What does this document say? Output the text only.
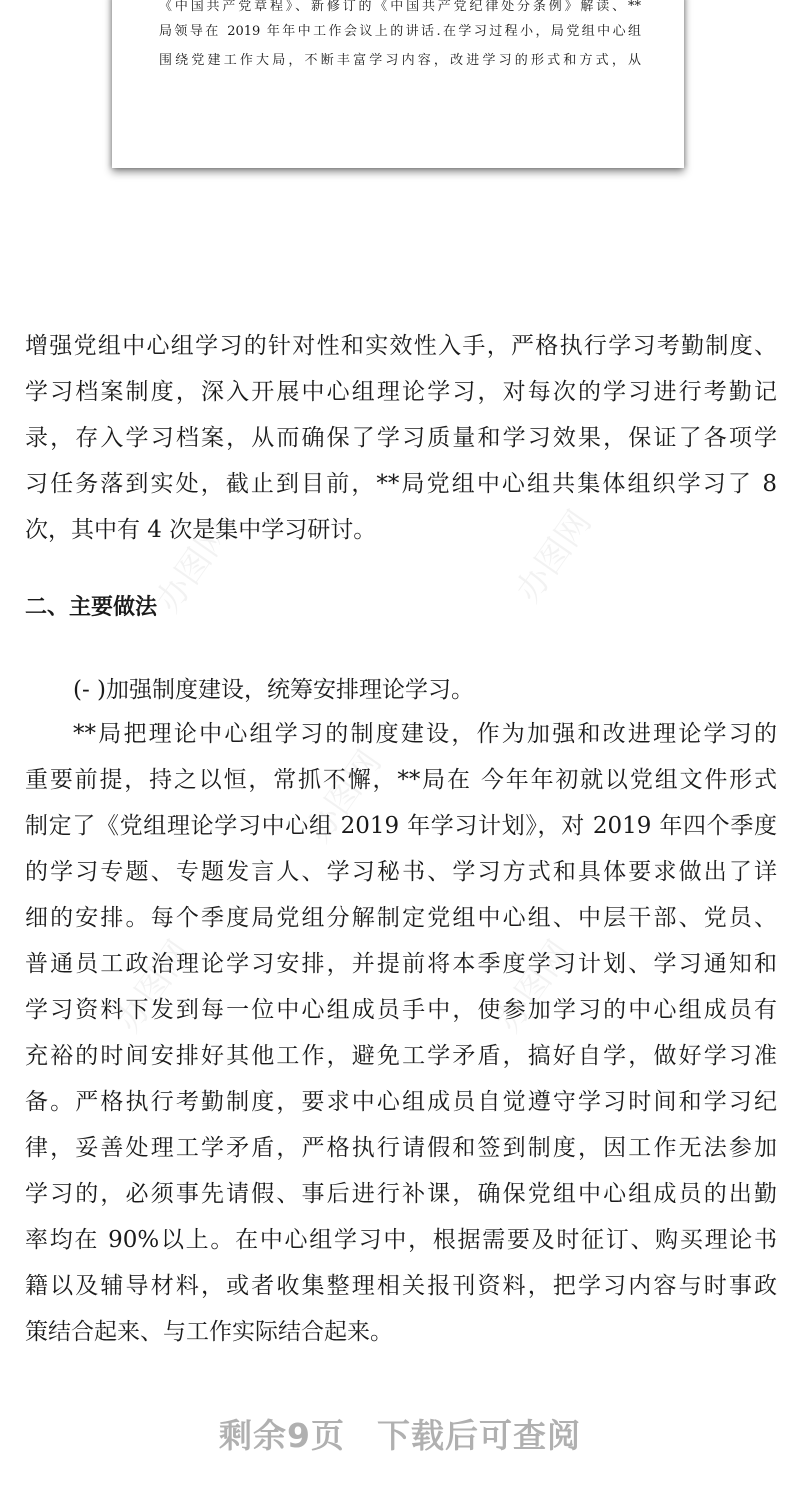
《中国共产党章程》、新修订的《中国共产党纪律处分条例》解读、**
局领导在 2019 年年中工作会议上的讲话.在学习过程小，局党组中心组
围绕党建工作大局，不断丰富学习内容，改进学习的形式和方式，从
增强党组中心组学习的针对性和实效性入手，严格执行学习考勤制度、
学习档案制度，深入开展中心组理论学习，对每次的学习进行考勤记
录，存入学习档案，从而确保了学习质量和学习效果，保证了各项学
习任务落到实处，截止到目前，**局党组中心组共集体组织学习了 8
次，其中有 4 次是集中学习研讨。
二、主要做法
(- )加强制度建设，统筹安排理论学习。
**局把理论中心组学习的制度建设，作为加强和改进理论学习的
重要前提，持之以恒，常抓不懈，**局在 今年年初就以党组文件形式
制定了《党组理论学习中心组 2019 年学习计划》，对 2019 年四个季度
的学习专题、专题发言人、学习秘书、学习方式和具体要求做出了详
细的安排。每个季度局党组分解制定党组中心组、中层干部、党员、
普通员工政治理论学习安排，并提前将本季度学习计划、学习通知和
学习资料下发到每一位中心组成员手中，使参加学习的中心组成员有
充裕的时间安排好其他工作，避免工学矛盾，搞好自学，做好学习准
备。严格执行考勤制度，要求中心组成员自觉遵守学习时间和学习纪
律，妥善处理工学矛盾，严格执行请假和签到制度，因工作无法参加
学习的，必须事先请假、事后进行补课，确保党组中心组成员的出勤
率均在 90%以上。在中心组学习中，根据需要及时征订、购买理论书
籍以及辅导材料，或者收集整理相关报刊资料，把学习内容与时事政
策结合起来、与工作实际结合起来。
办图网	办图网
办图网
办图网	办图网
剩余9页 下载后可查阅
